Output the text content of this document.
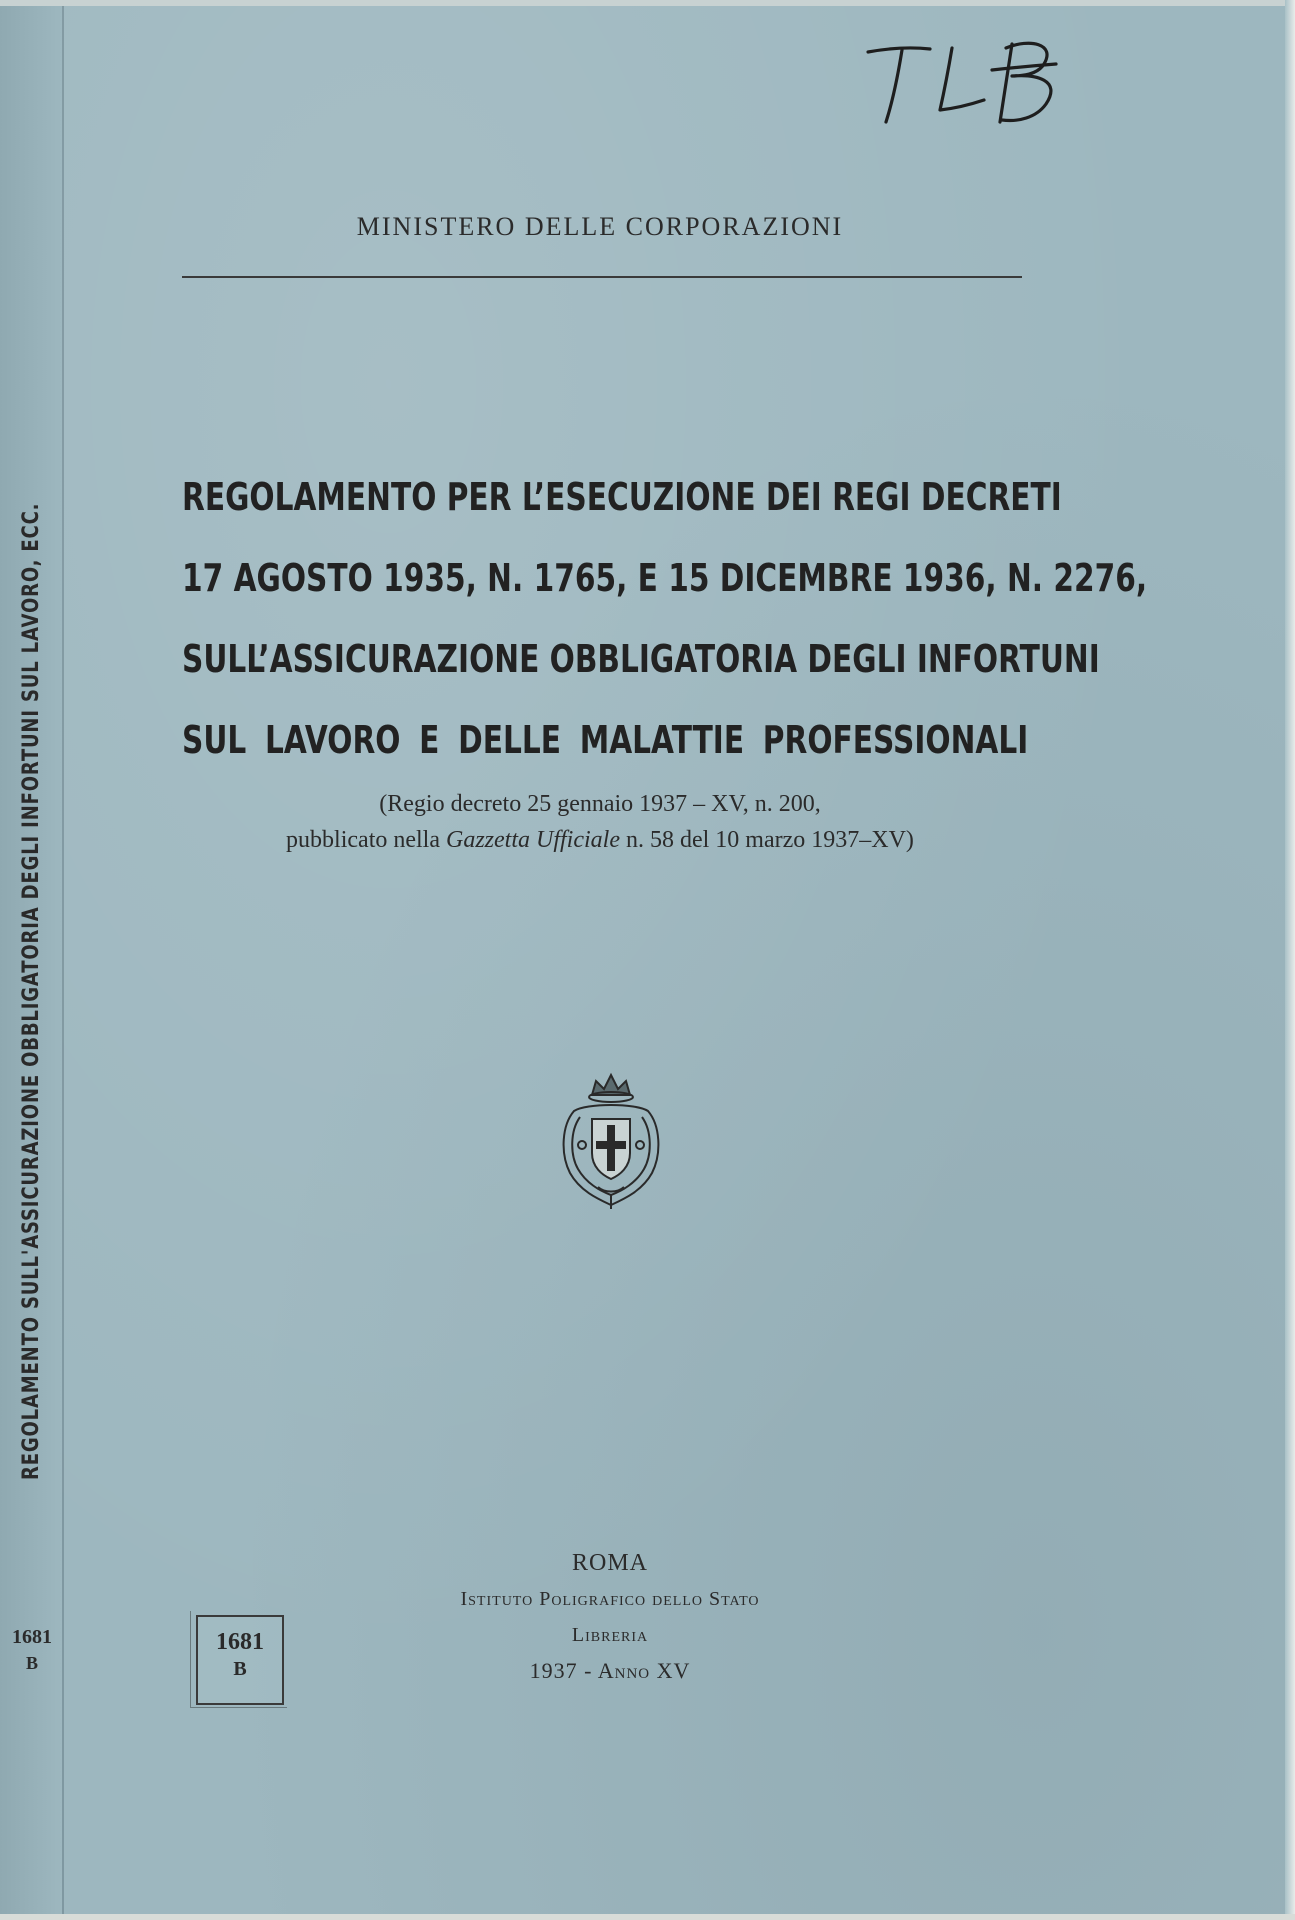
REGOLAMENTO SULL'ASSICURAZIONE OBBLIGATORIA DEGLI INFORTUNI SUL LAVORO, ECC.
1681
B
MINISTERO DELLE CORPORAZIONI
REGOLAMENTO PER L’ESECUZIONE DEI REGI DECRETI
17 AGOSTO 1935, N. 1765, E 15 DICEMBRE 1936, N. 2276,
SULL’ASSICURAZIONE OBBLIGATORIA DEGLI INFORTUNI
SUL LAVORO E DELLE MALATTIE PROFESSIONALI
(Regio decreto 25 gennaio 1937 – XV, n. 200,
pubblicato nella Gazzetta Ufficiale n. 58 del 10 marzo 1937–XV)
ROMA
Istituto Poligrafico dello Stato
Libreria
1937 - Anno XV
1681
B
